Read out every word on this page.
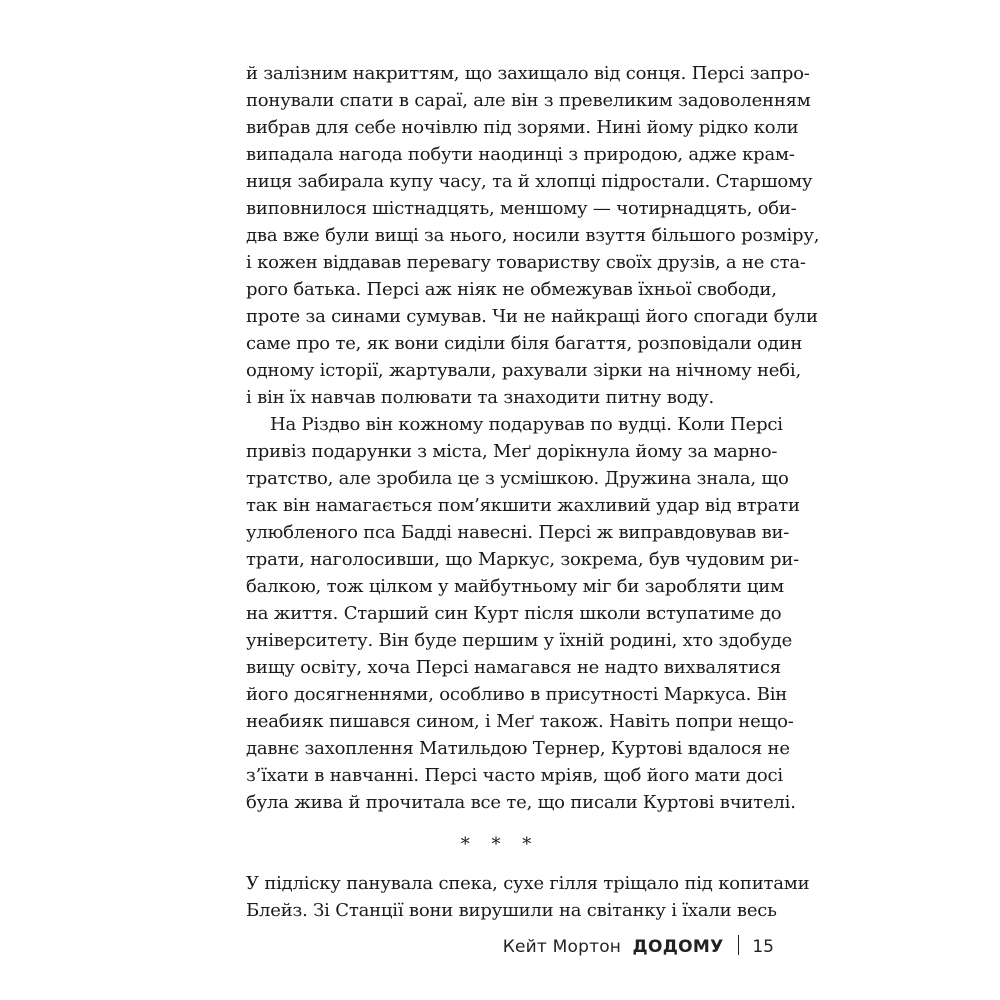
й залізним накриттям, що захищало від сонця. Персі запро-
понували спати в сараї, але він з превеликим задоволенням
вибрав для себе ночівлю під зорями. Нині йому рідко коли
випадала нагода побути наодинці з природою, адже крам-
ниця забирала купу часу, та й хлопці підростали. Старшому
виповнилося шістнадцять, меншому — чотирнадцять, оби-
два вже були вищі за нього, носили взуття більшого розміру,
і кожен віддавав перевагу товариству своїх друзів, а не ста-
рого батька. Персі аж ніяк не обмежував їхньої свободи,
проте за синами сумував. Чи не найкращі його спогади були
саме про те, як вони сиділи біля багаття, розповідали один
одному історії, жартували, рахували зірки на нічному небі,
і він їх навчав полювати та знаходити питну воду.
На Різдво він кожному подарував по вудці. Коли Персі
привіз подарунки з міста, Меґ дорікнула йому за марно-
тратство, але зробила це з усмішкою. Дружина знала, що
так він намагається пом’якшити жахливий удар від втрати
улюбленого пса Бадді навесні. Персі ж виправдовував ви-
трати, наголосивши, що Маркус, зокрема, був чудовим ри-
балкою, тож цілком у майбутньому міг би заробляти цим
на життя. Старший син Курт після школи вступатиме до
університету. Він буде першим у їхній родині, хто здобуде
вищу освіту, хоча Персі намагався не надто вихвалятися
його досягненнями, особливо в присутності Маркуса. Він
неабияк пишався сином, і Меґ також. Навіть попри нещо-
давнє захоплення Матильдою Тернер, Куртові вдалося не
з’їхати в навчанні. Персі часто мріяв, щоб його мати досі
була жива й прочитала все те, що писали Куртові вчителі.
* * *
У підліску панувала спека, сухе гілля тріщало під копитами
Блейз. Зі Станції вони вирушили на світанку і їхали весь
Кейт Мортон ДОДОМУ 15
